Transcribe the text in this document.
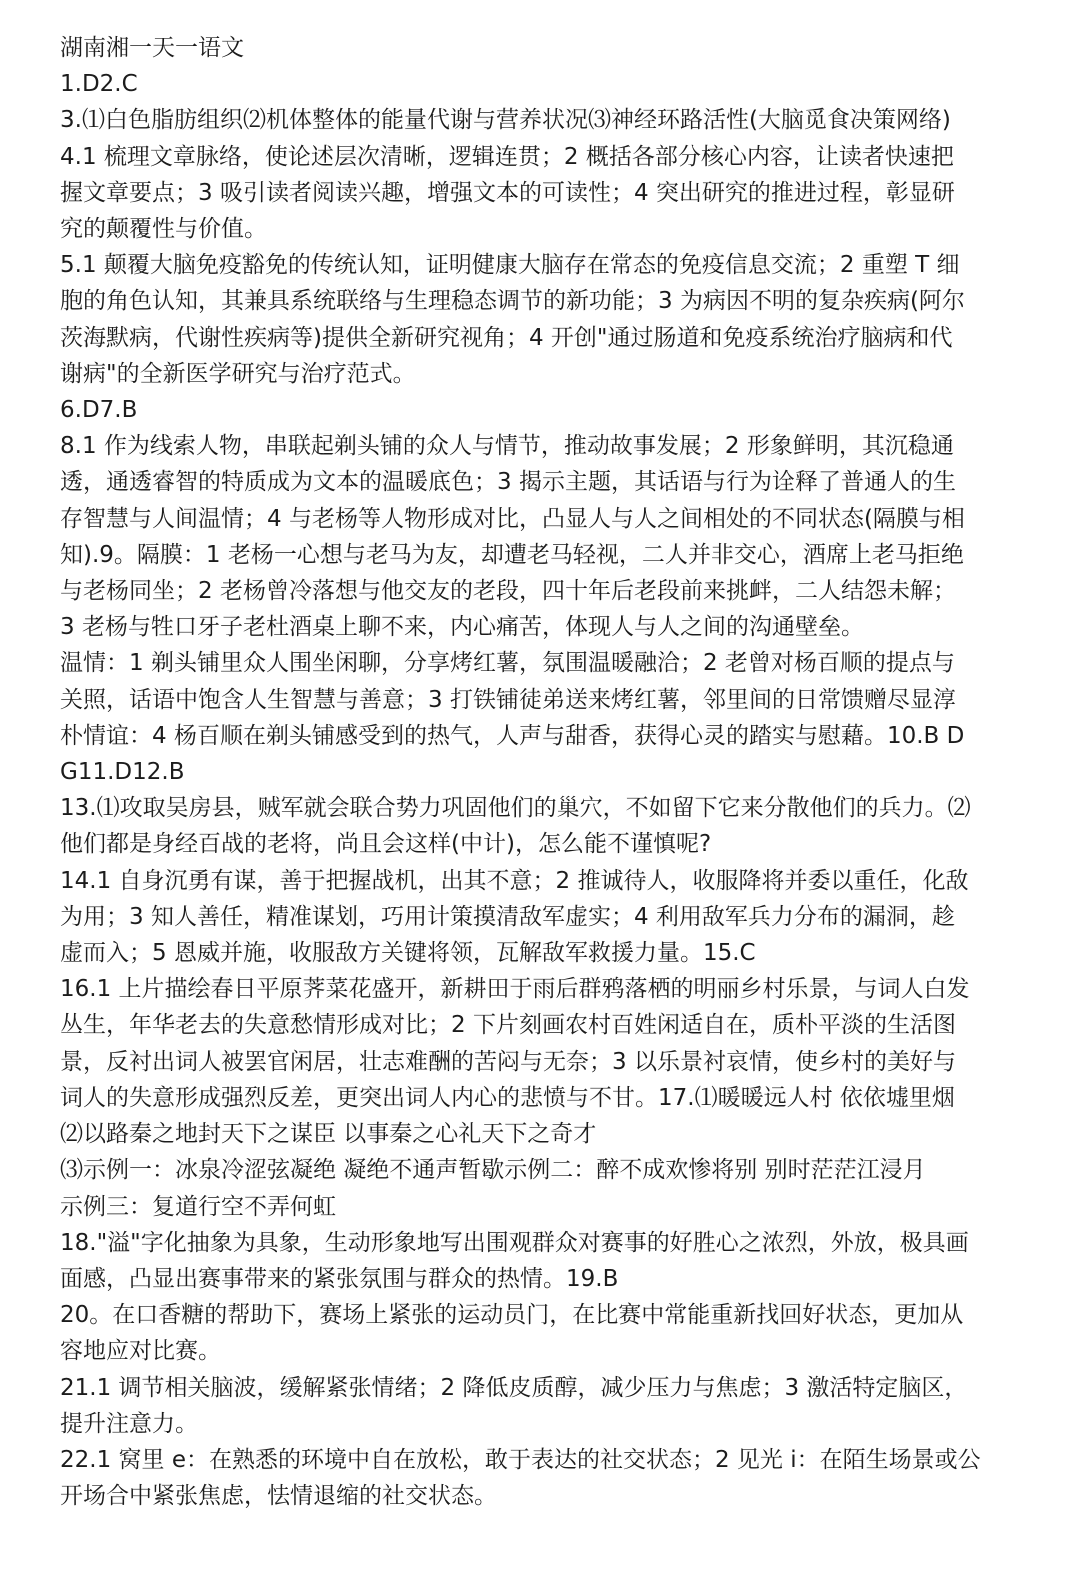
湖南湘一天一语文
1.D2.C
3.⑴白色脂肪组织⑵机体整体的能量代谢与营养状况⑶神经环路活性(大脑觅食决策网络)
4.1 梳理文章脉络，使论述层次清晰，逻辑连贯；2 概括各部分核心内容，让读者快速把
握文章要点；3 吸引读者阅读兴趣，增强文本的可读性；4 突出研究的推进过程，彰显研
究的颠覆性与价值。
5.1 颠覆大脑免疫豁免的传统认知，证明健康大脑存在常态的免疫信息交流；2 重塑 T 细
胞的角色认知，其兼具系统联络与生理稳态调节的新功能；3 为病因不明的复杂疾病(阿尔
茨海默病，代谢性疾病等)提供全新研究视角；4 开创"通过肠道和免疫系统治疗脑病和代
谢病"的全新医学研究与治疗范式。
6.D7.B
8.1 作为线索人物，串联起剃头铺的众人与情节，推动故事发展；2 形象鲜明，其沉稳通
透，通透睿智的特质成为文本的温暖底色；3 揭示主题，其话语与行为诠释了普通人的生
存智慧与人间温情；4 与老杨等人物形成对比，凸显人与人之间相处的不同状态(隔膜与相
知).9。隔膜：1 老杨一心想与老马为友，却遭老马轻视，二人并非交心，酒席上老马拒绝
与老杨同坐；2 老杨曾冷落想与他交友的老段，四十年后老段前来挑衅，二人结怨未解；
3 老杨与牲口牙子老杜酒桌上聊不来，内心痛苦，体现人与人之间的沟通壁垒。
温情：1 剃头铺里众人围坐闲聊，分享烤红薯，氛围温暖融洽；2 老曾对杨百顺的提点与
关照，话语中饱含人生智慧与善意；3 打铁铺徒弟送来烤红薯，邻里间的日常馈赠尽显淳
朴情谊：4 杨百顺在剃头铺感受到的热气，人声与甜香，获得心灵的踏实与慰藉。10.B D
G11.D12.B
13.⑴攻取吴房县，贼军就会联合势力巩固他们的巢穴，不如留下它来分散他们的兵力。⑵
他们都是身经百战的老将，尚且会这样(中计)，怎么能不谨慎呢?
14.1 自身沉勇有谋，善于把握战机，出其不意；2 推诚待人，收服降将并委以重任，化敌
为用；3 知人善任，精准谋划，巧用计策摸清敌军虚实；4 利用敌军兵力分布的漏洞，趁
虚而入；5 恩威并施，收服敌方关键将领，瓦解敌军救援力量。15.C
16.1 上片描绘春日平原荠菜花盛开，新耕田于雨后群鸦落栖的明丽乡村乐景，与词人白发
丛生，年华老去的失意愁情形成对比；2 下片刻画农村百姓闲适自在，质朴平淡的生活图
景，反衬出词人被罢官闲居，壮志难酬的苦闷与无奈；3 以乐景衬哀情，使乡村的美好与
词人的失意形成强烈反差，更突出词人内心的悲愤与不甘。17.⑴暖暖远人村 依依墟里烟
⑵以路秦之地封天下之谋臣 以事秦之心礼天下之奇才
⑶示例一：冰泉冷涩弦凝绝 凝绝不通声暂歇示例二：醉不成欢惨将别 别时茫茫江浸月
示例三：复道行空不弄何虹
18."溢"字化抽象为具象，生动形象地写出围观群众对赛事的好胜心之浓烈，外放，极具画
面感，凸显出赛事带来的紧张氛围与群众的热情。19.B
20。在口香糖的帮助下，赛场上紧张的运动员门，在比赛中常能重新找回好状态，更加从
容地应对比赛。
21.1 调节相关脑波，缓解紧张情绪；2 降低皮质醇，减少压力与焦虑；3 激活特定脑区，
提升注意力。
22.1 窝里 e：在熟悉的环境中自在放松，敢于表达的社交状态；2 见光 i：在陌生场景或公
开场合中紧张焦虑，怯情退缩的社交状态。
